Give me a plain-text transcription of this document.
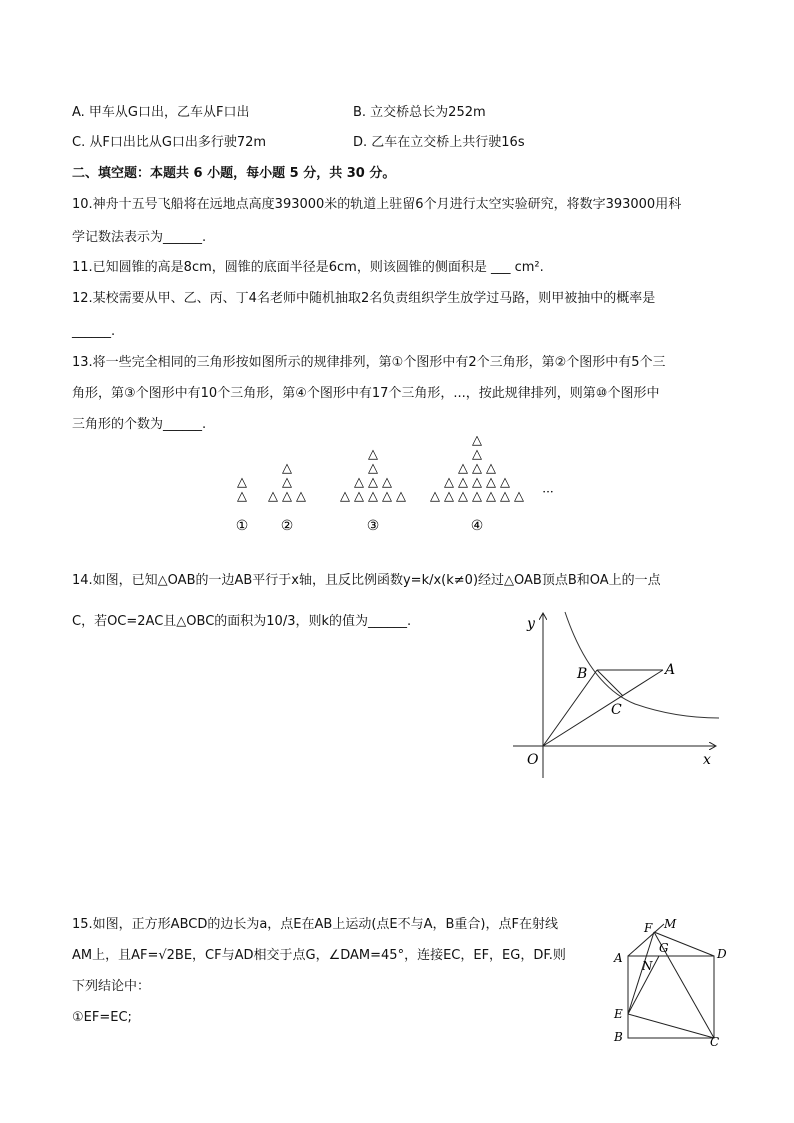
A. 甲车从G口出，乙车从F口出	B. 立交桥总长为252m
C. 从F口出比从G口出多行驶72m	D. 乙车在立交桥上共行驶16s
二、填空题：本题共 6 小题，每小题 5 分，共 30 分。
10.神舟十五号飞船将在远地点高度393000米的轨道上驻留6个月进行太空实验研究，将数字393000用科
学记数法表示为______.
11.已知圆锥的高是8cm，圆锥的底面半径是6cm，则该圆锥的侧面积是 ___ cm².
12.某校需要从甲、乙、丙、丁4名老师中随机抽取2名负责组织学生放学过马路，则甲被抽中的概率是
______.
13.将一些完全相同的三角形按如图所示的规律排列，第①个图形中有2个三角形，第②个图形中有5个三
角形，第③个图形中有10个三角形，第④个图形中有17个三角形，...，按此规律排列，则第⑩个图形中
三角形的个数为______.
△
△
△ △ △
△
△
△ △ △ △ △
△ △ △
△
△
△ △ △ △ △ △ △
△ △ △ △ △
△ △ △
△
△
① ②	③	④
···
14.如图，已知△OAB的一边AB平行于x轴，且反比例函数y=k/x(k≠0)经过△OAB顶点B和OA上的一点
C，若OC=2AC且△OBC的面积为10/3，则k的值为______.	y
x
O
A
B
C
15.如图，正方形ABCD的边长为a，点E在AB上运动(点E不与A，B重合)，点F在射线
AM上，且AF=√2BE，CF与AD相交于点G，∠DAM=45°，连接EC，EF，EG，DF.则
下列结论中：
①EF=EC;
F M
A
G	D
N
E
B	C
